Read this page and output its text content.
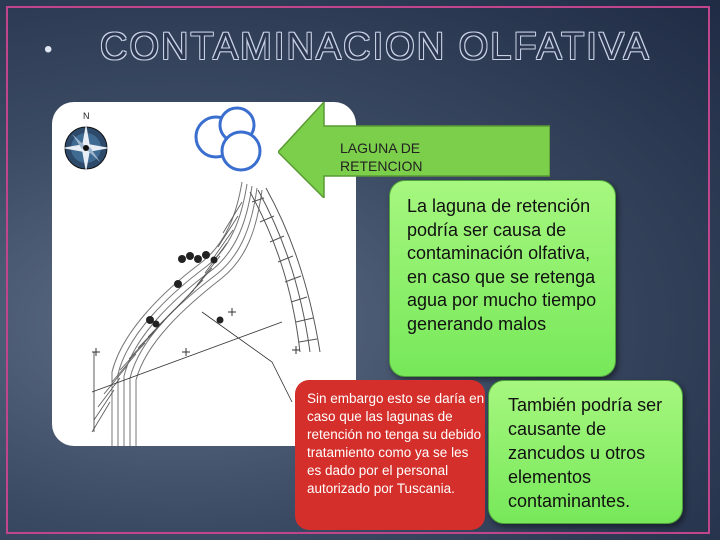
• CONTAMINACION OLFATIVA
N
LAGUNA DE RETENCION

La laguna de retención podría ser causa de contaminación olfativa, en caso que se retenga agua por mucho tiempo generando malos

Sin embargo esto se daría en caso que las lagunas de retención no tenga su debido tratamiento como ya se les es dado por el personal autorizado por Tuscania.

También podría ser causante de zancudos u otros elementos contaminantes.
